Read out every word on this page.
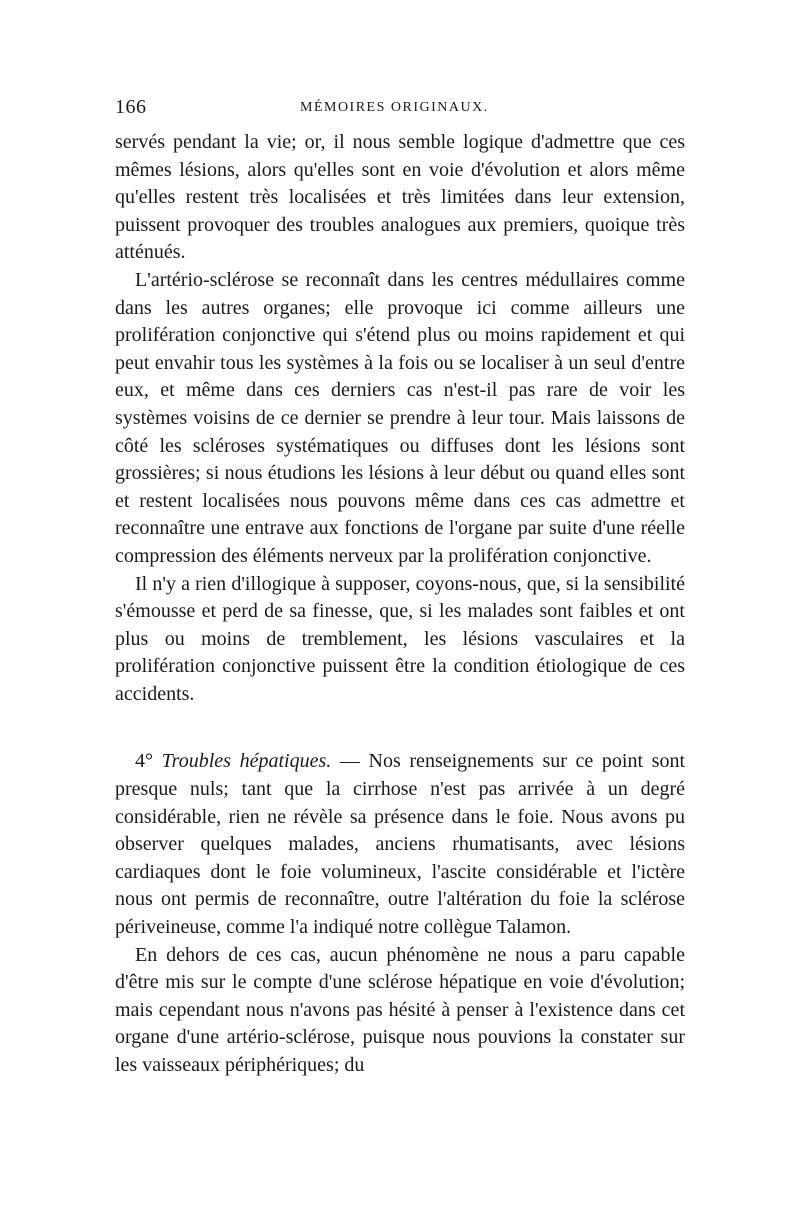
166	MÉMOIRES ORIGINAUX.

servés pendant la vie; or, il nous semble logique d'admettre que ces mêmes lésions, alors qu'elles sont en voie d'évolution et alors même qu'elles restent très localisées et très limitées dans leur extension, puissent provoquer des troubles analogues aux premiers, quoique très atténués.

L'artério-sclérose se reconnaît dans les centres médullaires comme dans les autres organes; elle provoque ici comme ailleurs une prolifération conjonctive qui s'étend plus ou moins rapidement et qui peut envahir tous les systèmes à la fois ou se localiser à un seul d'entre eux, et même dans ces derniers cas n'est-il pas rare de voir les systèmes voisins de ce dernier se prendre à leur tour. Mais laissons de côté les scléroses systématiques ou diffuses dont les lésions sont grossières; si nous étudions les lésions à leur début ou quand elles sont et restent localisées nous pouvons même dans ces cas admettre et reconnaître une entrave aux fonctions de l'organe par suite d'une réelle compression des éléments nerveux par la prolifération conjonctive.

Il n'y a rien d'illogique à supposer, coyons-nous, que, si la sensibilité s'émousse et perd de sa finesse, que, si les malades sont faibles et ont plus ou moins de tremblement, les lésions vasculaires et la prolifération conjonctive puissent être la condition étiologique de ces accidents.

4° Troubles hépatiques. — Nos renseignements sur ce point sont presque nuls; tant que la cirrhose n'est pas arrivée à un degré considérable, rien ne révèle sa présence dans le foie. Nous avons pu observer quelques malades, anciens rhumatisants, avec lésions cardiaques dont le foie volumineux, l'ascite considérable et l'ictère nous ont permis de reconnaître, outre l'altération du foie la sclérose périveineuse, comme l'a indiqué notre collègue Talamon.

En dehors de ces cas, aucun phénomène ne nous a paru capable d'être mis sur le compte d'une sclérose hépatique en voie d'évolution; mais cependant nous n'avons pas hésité à penser à l'existence dans cet organe d'une artério-sclérose, puisque nous pouvions la constater sur les vaisseaux périphériques; du
